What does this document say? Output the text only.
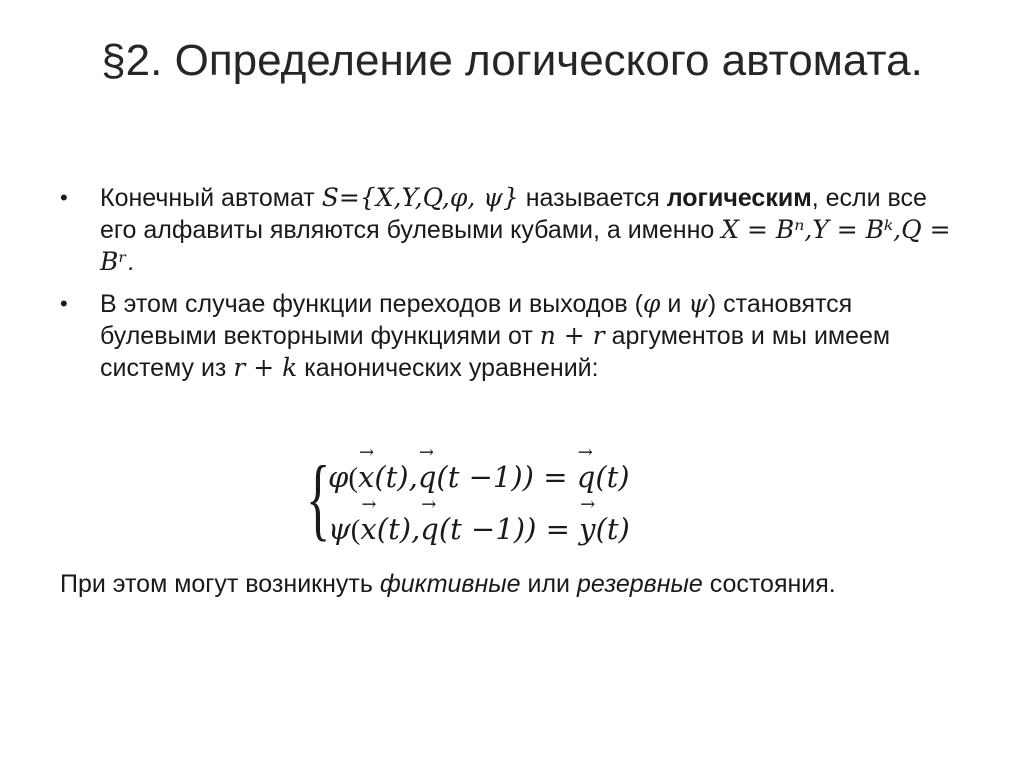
§2. Определение логического автомата.
• Конечный автомат S={X,Y,Q,φ, ψ} называется логическим, если все его алфавиты являются булевыми кубами, а именно X = Bⁿ,Y = Bᵏ,Q = Bʳ.
• В этом случае функции переходов и выходов (φ и ψ) становятся булевыми векторными функциями от n + r аргументов и мы имеем систему из r + k канонических уравнений:
{
φ(→ x(t),→ q(t −1)) = → q(t)
ψ(→ x(t),→ q(t −1)) = → y(t)
При этом могут возникнуть фиктивные или резервные состояния.
